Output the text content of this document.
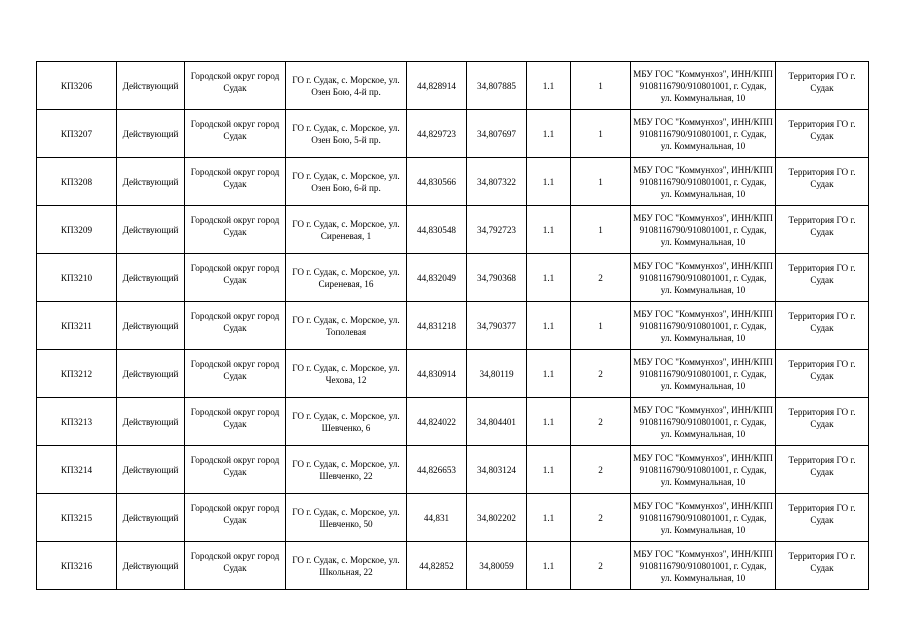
КП3206	Действующий	Городской округ город Судак	ГО г. Судак, с. Морское, ул. Озен Бою, 4-й пр.	44,828914	34,807885	1.1	1	МБУ ГОС "Коммунхоз", ИНН/КПП 9108116790/910801001, г. Судак, ул. Коммунальная, 10	Территория ГО г. Судак
КП3207	Действующий	Городской округ город Судак	ГО г. Судак, с. Морское, ул. Озен Бою, 5-й пр.	44,829723	34,807697	1.1	1	МБУ ГОС "Коммунхоз", ИНН/КПП 9108116790/910801001, г. Судак, ул. Коммунальная, 10	Территория ГО г. Судак
КП3208	Действующий	Городской округ город Судак	ГО г. Судак, с. Морское, ул. Озен Бою, 6-й пр.	44,830566	34,807322	1.1	1	МБУ ГОС "Коммунхоз", ИНН/КПП 9108116790/910801001, г. Судак, ул. Коммунальная, 10	Территория ГО г. Судак
КП3209	Действующий	Городской округ город Судак	ГО г. Судак, с. Морское, ул. Сиреневая, 1	44,830548	34,792723	1.1	1	МБУ ГОС "Коммунхоз", ИНН/КПП 9108116790/910801001, г. Судак, ул. Коммунальная, 10	Территория ГО г. Судак
КП3210	Действующий	Городской округ город Судак	ГО г. Судак, с. Морское, ул. Сиреневая, 16	44,832049	34,790368	1.1	2	МБУ ГОС "Коммунхоз", ИНН/КПП 9108116790/910801001, г. Судак, ул. Коммунальная, 10	Территория ГО г. Судак
КП3211	Действующий	Городской округ город Судак	ГО г. Судак, с. Морское, ул. Тополевая	44,831218	34,790377	1.1	1	МБУ ГОС "Коммунхоз", ИНН/КПП 9108116790/910801001, г. Судак, ул. Коммунальная, 10	Территория ГО г. Судак
КП3212	Действующий	Городской округ город Судак	ГО г. Судак, с. Морское, ул. Чехова, 12	44,830914	34,80119	1.1	2	МБУ ГОС "Коммунхоз", ИНН/КПП 9108116790/910801001, г. Судак, ул. Коммунальная, 10	Территория ГО г. Судак
КП3213	Действующий	Городской округ город Судак	ГО г. Судак, с. Морское, ул. Шевченко, 6	44,824022	34,804401	1.1	2	МБУ ГОС "Коммунхоз", ИНН/КПП 9108116790/910801001, г. Судак, ул. Коммунальная, 10	Территория ГО г. Судак
КП3214	Действующий	Городской округ город Судак	ГО г. Судак, с. Морское, ул. Шевченко, 22	44,826653	34,803124	1.1	2	МБУ ГОС "Коммунхоз", ИНН/КПП 9108116790/910801001, г. Судак, ул. Коммунальная, 10	Территория ГО г. Судак
КП3215	Действующий	Городской округ город Судак	ГО г. Судак, с. Морское, ул. Шевченко, 50	44,831	34,802202	1.1	2	МБУ ГОС "Коммунхоз", ИНН/КПП 9108116790/910801001, г. Судак, ул. Коммунальная, 10	Территория ГО г. Судак
КП3216	Действующий	Городской округ город Судак	ГО г. Судак, с. Морское, ул. Школьная, 22	44,82852	34,80059	1.1	2	МБУ ГОС "Коммунхоз", ИНН/КПП 9108116790/910801001, г. Судак, ул. Коммунальная, 10	Территория ГО г. Судак
